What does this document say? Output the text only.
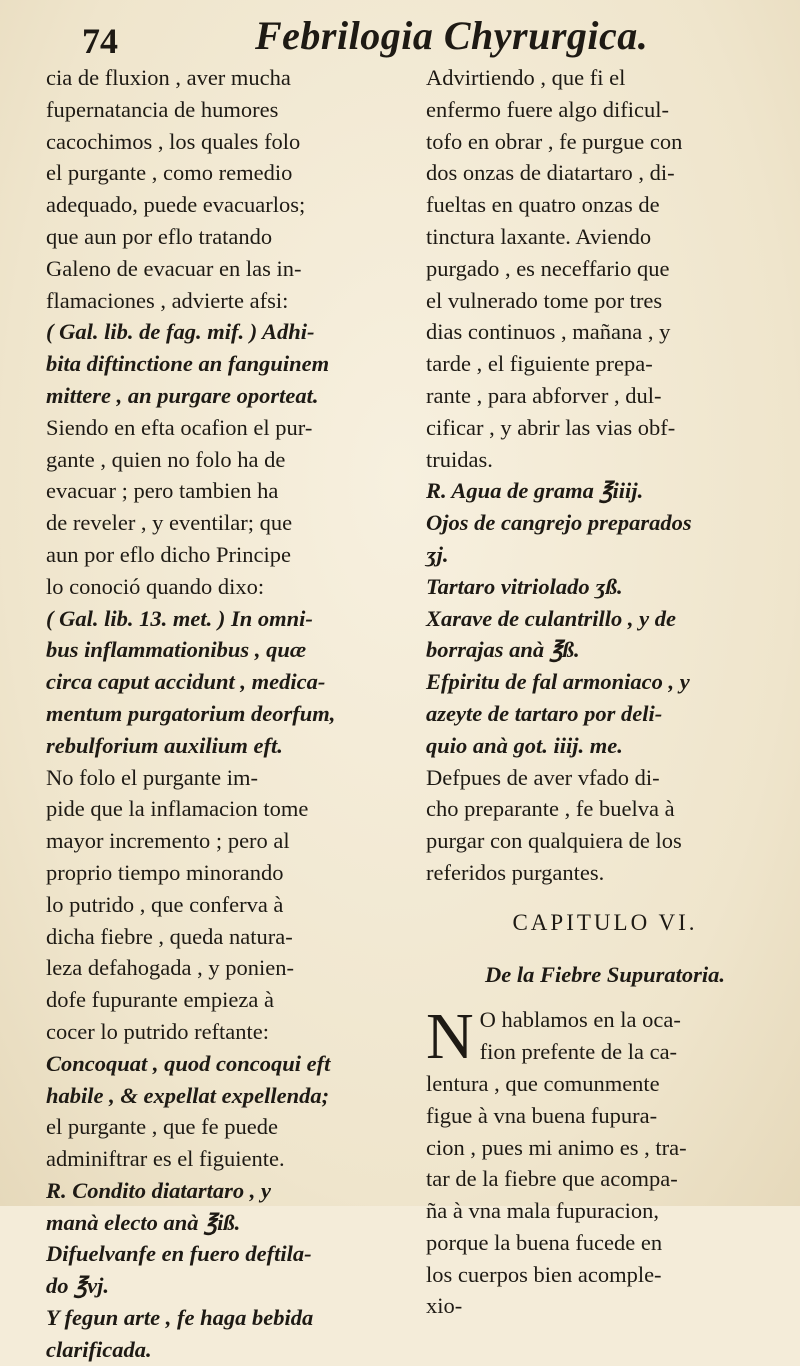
74	Febrilogia Chyrurgica.
cia de fluxion , aver mucha
fupernatancia de humores
cacochimos , los quales folo
el purgante , como remedio
adequado, puede evacuarlos;
que aun por eflo tratando
Galeno de evacuar en las in-
flamaciones , advierte afsi:
( Gal. lib. de fag. mif. ) Adhi-
bita diftinctione an fanguinem
mittere , an purgare oporteat.
Siendo en efta ocafion el pur-
gante , quien no folo ha de
evacuar ; pero tambien ha
de reveler , y eventilar; que
aun por eflo dicho Principe
lo conoció quando dixo:
( Gal. lib. 13. met. ) In omni-
bus inflammationibus , quæ
circa caput accidunt , medica-
mentum purgatorium deorfum,
rebulforium auxilium eft.
No folo el purgante im-
pide que la inflamacion tome
mayor incremento ; pero al
proprio tiempo minorando
lo putrido , que conferva à
dicha fiebre , queda natura-
leza defahogada , y ponien-
dofe fupurante empieza à
cocer lo putrido reftante:
Concoquat , quod concoqui eft
habile , & expellat expellenda;
el purgante , que fe puede
adminiftrar es el figuiente.
R. Condito diatartaro , y
manà electo anà ℥iß.
Difuelvanfe en fuero deftila-
do ℥vj.
Y fegun arte , fe haga bebida
clarificada.
Advirtiendo , que fi el
enfermo fuere algo dificul-
tofo en obrar , fe purgue con
dos onzas de diatartaro , di-
fueltas en quatro onzas de
tinctura laxante. Aviendo
purgado , es neceffario que
el vulnerado tome por tres
dias continuos , mañana , y
tarde , el figuiente prepa-
rante , para abforver , dul-
cificar , y abrir las vias obf-
truidas.
R. Agua de grama ℥iiij.
Ojos de cangrejo preparados
ʒj.
Tartaro vitriolado ʒß.
Xarave de culantrillo , y de
borrajas anà ℥ß.
Efpiritu de fal armoniaco , y
azeyte de tartaro por deli-
quio anà got. iiij. me.
Defpues de aver vfado di-
cho preparante , fe buelva à
purgar con qualquiera de los
referidos purgantes.
CAPITULO VI.
De la Fiebre Supuratoria.
N O hablamos en la oca-
fion prefente de la ca-
lentura , que comunmente
figue à vna buena fupura-
cion , pues mi animo es , tra-
tar de la fiebre que acompa-
ña à vna mala fupuracion,
porque la buena fucede en
los cuerpos bien acomple-
xio-
